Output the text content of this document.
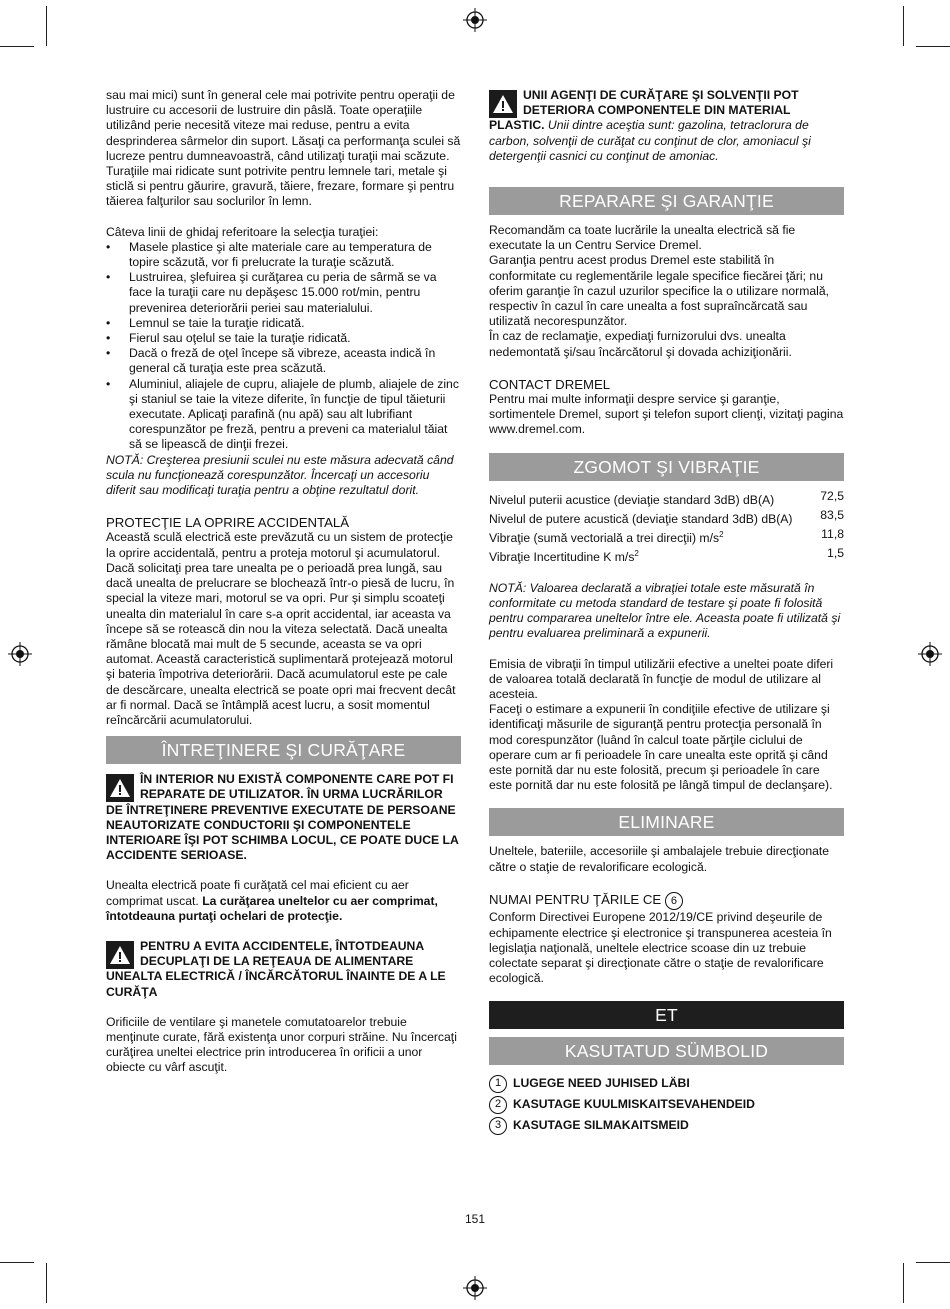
sau mai mici) sunt în general cele mai potrivite pentru operaţii de lustruire cu accesorii de lustruire din pâslă. Toate operaţiile utilizând perie necesită viteze mai reduse, pentru a evita desprinderea sârmelor din suport. Lăsaţi ca performanţa sculei să lucreze pentru dumneavoastră, când utilizaţi turaţii mai scăzute. Turaţiile mai ridicate sunt potrivite pentru lemnele tari, metale şi sticlă si pentru găurire, gravură, tăiere, frezare, formare şi pentru tăierea falţurilor sau soclurilor în lemn.

Câteva linii de ghidaj referitoare la selecţia turaţiei:

• Masele plastice şi alte materiale care au temperatura de topire scăzută, vor fi prelucrate la turaţie scăzută.
• Lustruirea, şlefuirea şi curăţarea cu peria de sârmă se va face la turaţii care nu depăşesc 15.000 rot/min, pentru prevenirea deteriorării periei sau materialului.
• Lemnul se taie la turaţie ridicată.
• Fierul sau oţelul se taie la turaţie ridicată.
• Dacă o freză de oţel începe să vibreze, aceasta indică în general că turaţia este prea scăzută.
• Aluminiul, aliajele de cupru, aliajele de plumb, aliajele de zinc şi staniul se taie la viteze diferite, în funcţie de tipul tăieturii executate. Aplicaţi parafină (nu apă) sau alt lubrifiant corespunzător pe freză, pentru a preveni ca materialul tăiat să se lipească de dinţii frezei.

NOTĂ: Creşterea presiunii sculei nu este măsura adecvată când scula nu funcţionează corespunzător. Încercaţi un accesoriu diferit sau modificaţi turaţia pentru a obţine rezultatul dorit.

PROTECŢIE LA OPRIRE ACCIDENTALĂ

Această sculă electrică este prevăzută cu un sistem de protecţie la oprire accidentală, pentru a proteja motorul şi acumulatorul. Dacă solicitaţi prea tare unealta pe o perioadă prea lungă, sau dacă unealta de prelucrare se blochează într-o piesă de lucru, în special la viteze mari, motorul se va opri. Pur şi simplu scoateţi unealta din materialul în care s-a oprit accidental, iar aceasta va începe să se rotească din nou la viteza selectată. Dacă unealta rămâne blocată mai mult de 5 secunde, aceasta se va opri automat. Această caracteristică suplimentară protejează motorul şi bateria împotriva deteriorării. Dacă acumulatorul este pe cale de descărcare, unealta electrică se poate opri mai frecvent decât ar fi normal. Dacă se întâmplă acest lucru, a sosit momentul reîncărcării acumulatorului.

ÎNTREŢINERE ŞI CURĂŢARE
ÎN INTERIOR NU EXISTĂ COMPONENTE CARE POT FI REPARATE DE UTILIZATOR. ÎN URMA LUCRĂRILOR DE ÎNTREŢINERE PREVENTIVE EXECUTATE DE PERSOANE NEAUTORIZATE CONDUCTORII ŞI COMPONENTELE INTERIOARE ÎŞI POT SCHIMBA LOCUL, CE POATE DUCE LA ACCIDENTE SERIOASE.

Unealta electrică poate fi curăţată cel mai eficient cu aer comprimat uscat. La curăţarea uneltelor cu aer comprimat, întotdeauna purtaţi ochelari de protecţie.

PENTRU A EVITA ACCIDENTELE, ÎNTOTDEAUNA DECUPLAŢI DE LA REŢEAUA DE ALIMENTARE UNEALTA ELECTRICĂ / ÎNCĂRCĂTORUL ÎNAINTE DE A LE CURĂŢA

Orificiile de ventilare şi manetele comutatoarelor trebuie menţinute curate, fără existenţa unor corpuri străine. Nu încercaţi curăţirea uneltei electrice prin introducerea în orificii a unor obiecte cu vârf ascuţit.

UNII AGENŢI DE CURĂŢARE ŞI SOLVENŢII POT DETERIORA COMPONENTELE DIN MATERIAL PLASTIC. Unii dintre aceştia sunt: gazolina, tetraclorura de carbon, solvenţii de curăţat cu conţinut de clor, amoniacul şi detergenţii casnici cu conţinut de amoniac.
REPARARE ŞI GARANŢIE

Recomandăm ca toate lucrările la unealta electrică să fie executate la un Centru Service Dremel.

Garanţia pentru acest produs Dremel este stabilită în conformitate cu reglementările legale specifice fiecărei ţări; nu oferim garanţie în cazul uzurilor specifice la o utilizare normală, respectiv în cazul în care unealta a fost supraîncărcată sau utilizată necorespunzător.

În caz de reclamaţie, expediaţi furnizorului dvs. unealta nedemontată şi/sau încărcătorul şi dovada achiziţionării.

CONTACT DREMEL

Pentru mai multe informaţii despre service şi garanţie, sortimentele Dremel, suport şi telefon suport clienţi, vizitaţi pagina www.dremel.com.

ZGOMOT ŞI VIBRAŢIE
Nivelul puterii acustice (deviaţie standard 3dB) dB(A)	72,5
Nivelul de putere acustică (deviaţie standard 3dB) dB(A) 83,5
Vibraţie (sumă vectorială a trei direcţii) $m/s^2$	11,8
Vibraţie Incertitudine K $m/s^2$	1,5

NOTĂ: Valoarea declarată a vibraţiei totale este măsurată în conformitate cu metoda standard de testare şi poate fi folosită pentru compararea uneltelor între ele. Aceasta poate fi utilizată şi pentru evaluarea preliminară a expunerii.

Emisia de vibraţii în timpul utilizării efective a uneltei poate diferi de valoarea totală declarată în funcţie de modul de utilizare al acesteia.

Faceţi o estimare a expunerii în condiţiile efective de utilizare şi identificaţi măsurile de siguranţă pentru protecţia personală în mod corespunzător (luând în calcul toate părţile ciclului de operare cum ar fi perioadele în care unealta este oprită şi când este pornită dar nu este folosită, precum şi perioadele în care este pornită dar nu este folosită pe lângă timpul de declanşare).

ELIMINARE

Uneltele, bateriile, accesoriile şi ambalajele trebuie direcţionate către o staţie de revalorificare ecologică.

NUMAI PENTRU ŢĂRILE CE 6

Conform Directivei Europene 2012/19/CE privind deşeurile de echipamente electrice şi electronice şi transpunerea acesteia în legislaţia naţională, uneltele electrice scoase din uz trebuie colectate separat şi direcţionate către o staţie de revalorificare ecologică.

ET
KASUTATUD SÜMBOLID
1 LUGEGE NEED JUHISED LÄBI
2 KASUTAGE KUULMISKAITSEVAHENDEID
3 KASUTAGE SILMAKAITSMEID
151
